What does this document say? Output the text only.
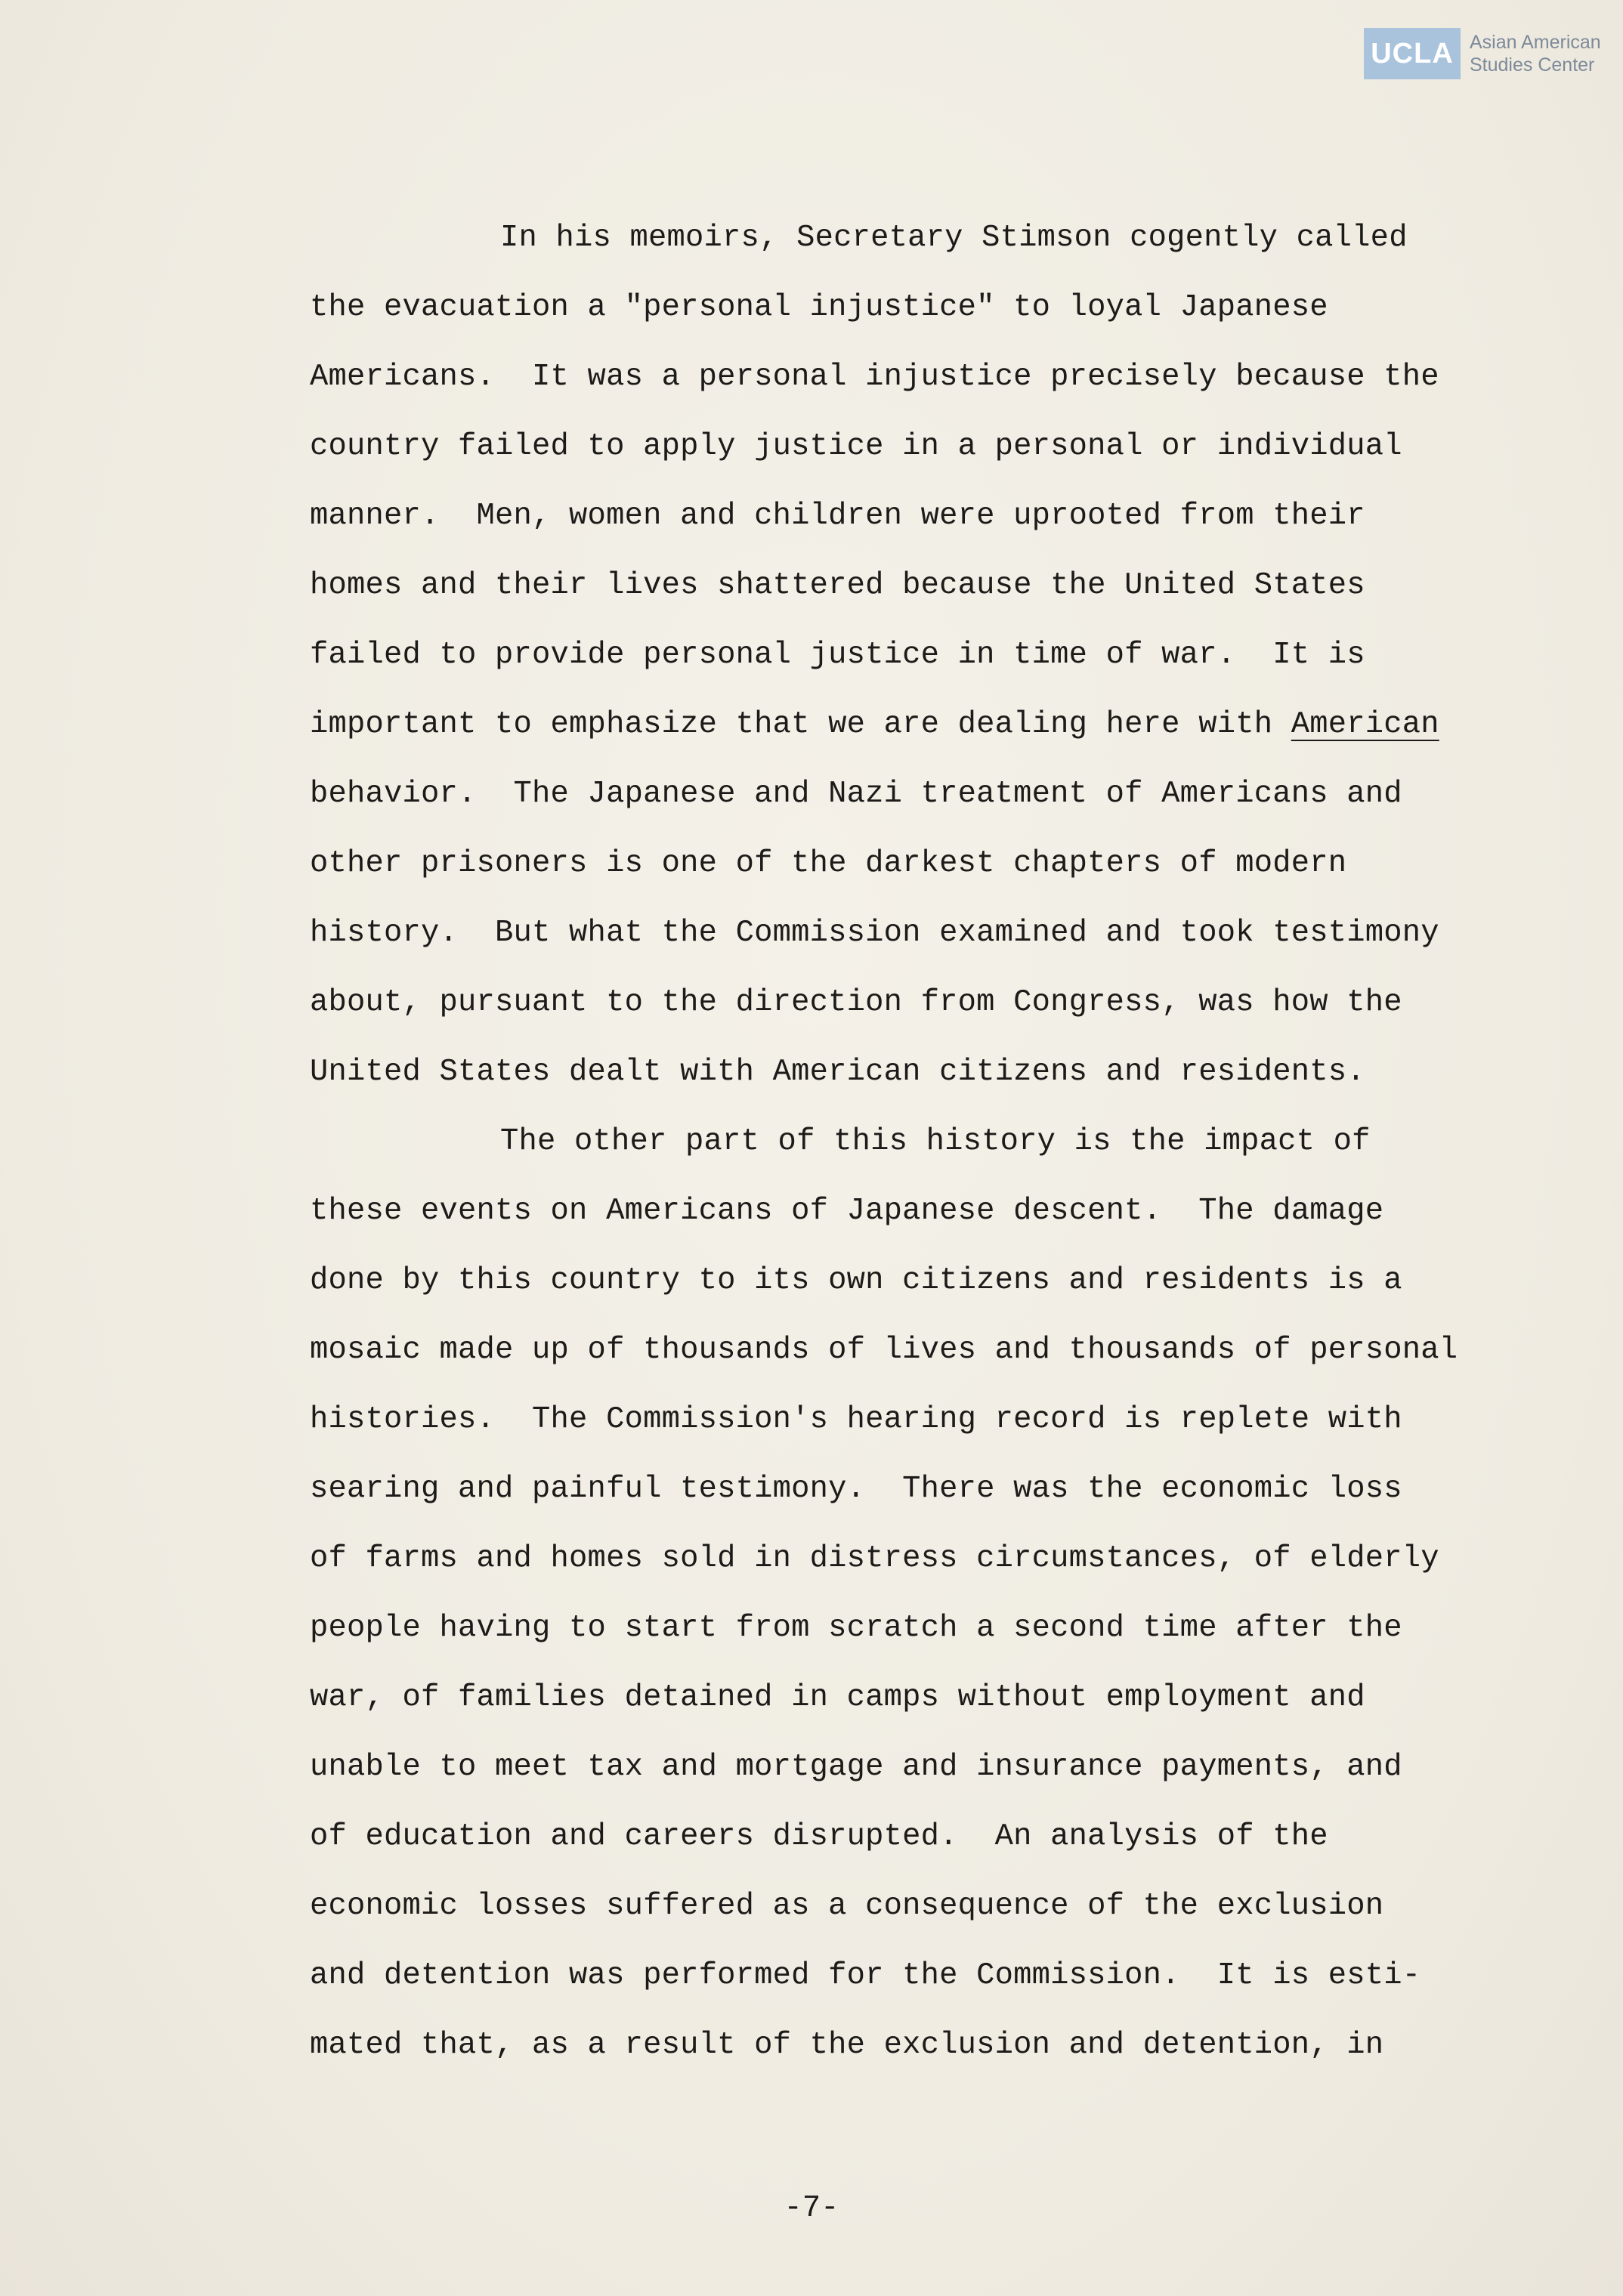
UCLA Asian American
Studies Center
In his memoirs, Secretary Stimson cogently called
the evacuation a "personal injustice" to loyal Japanese
Americans.  It was a personal injustice precisely because the
country failed to apply justice in a personal or individual
manner.  Men, women and children were uprooted from their
homes and their lives shattered because the United States
failed to provide personal justice in time of war.  It is
important to emphasize that we are dealing here with American
behavior.  The Japanese and Nazi treatment of Americans and
other prisoners is one of the darkest chapters of modern
history.  But what the Commission examined and took testimony
about, pursuant to the direction from Congress, was how the
United States dealt with American citizens and residents.
The other part of this history is the impact of
these events on Americans of Japanese descent.  The damage
done by this country to its own citizens and residents is a
mosaic made up of thousands of lives and thousands of personal
histories.  The Commission's hearing record is replete with
searing and painful testimony.  There was the economic loss
of farms and homes sold in distress circumstances, of elderly
people having to start from scratch a second time after the
war, of families detained in camps without employment and
unable to meet tax and mortgage and insurance payments, and
of education and careers disrupted.  An analysis of the
economic losses suffered as a consequence of the exclusion
and detention was performed for the Commission.  It is esti-
mated that, as a result of the exclusion and detention, in
-7-
